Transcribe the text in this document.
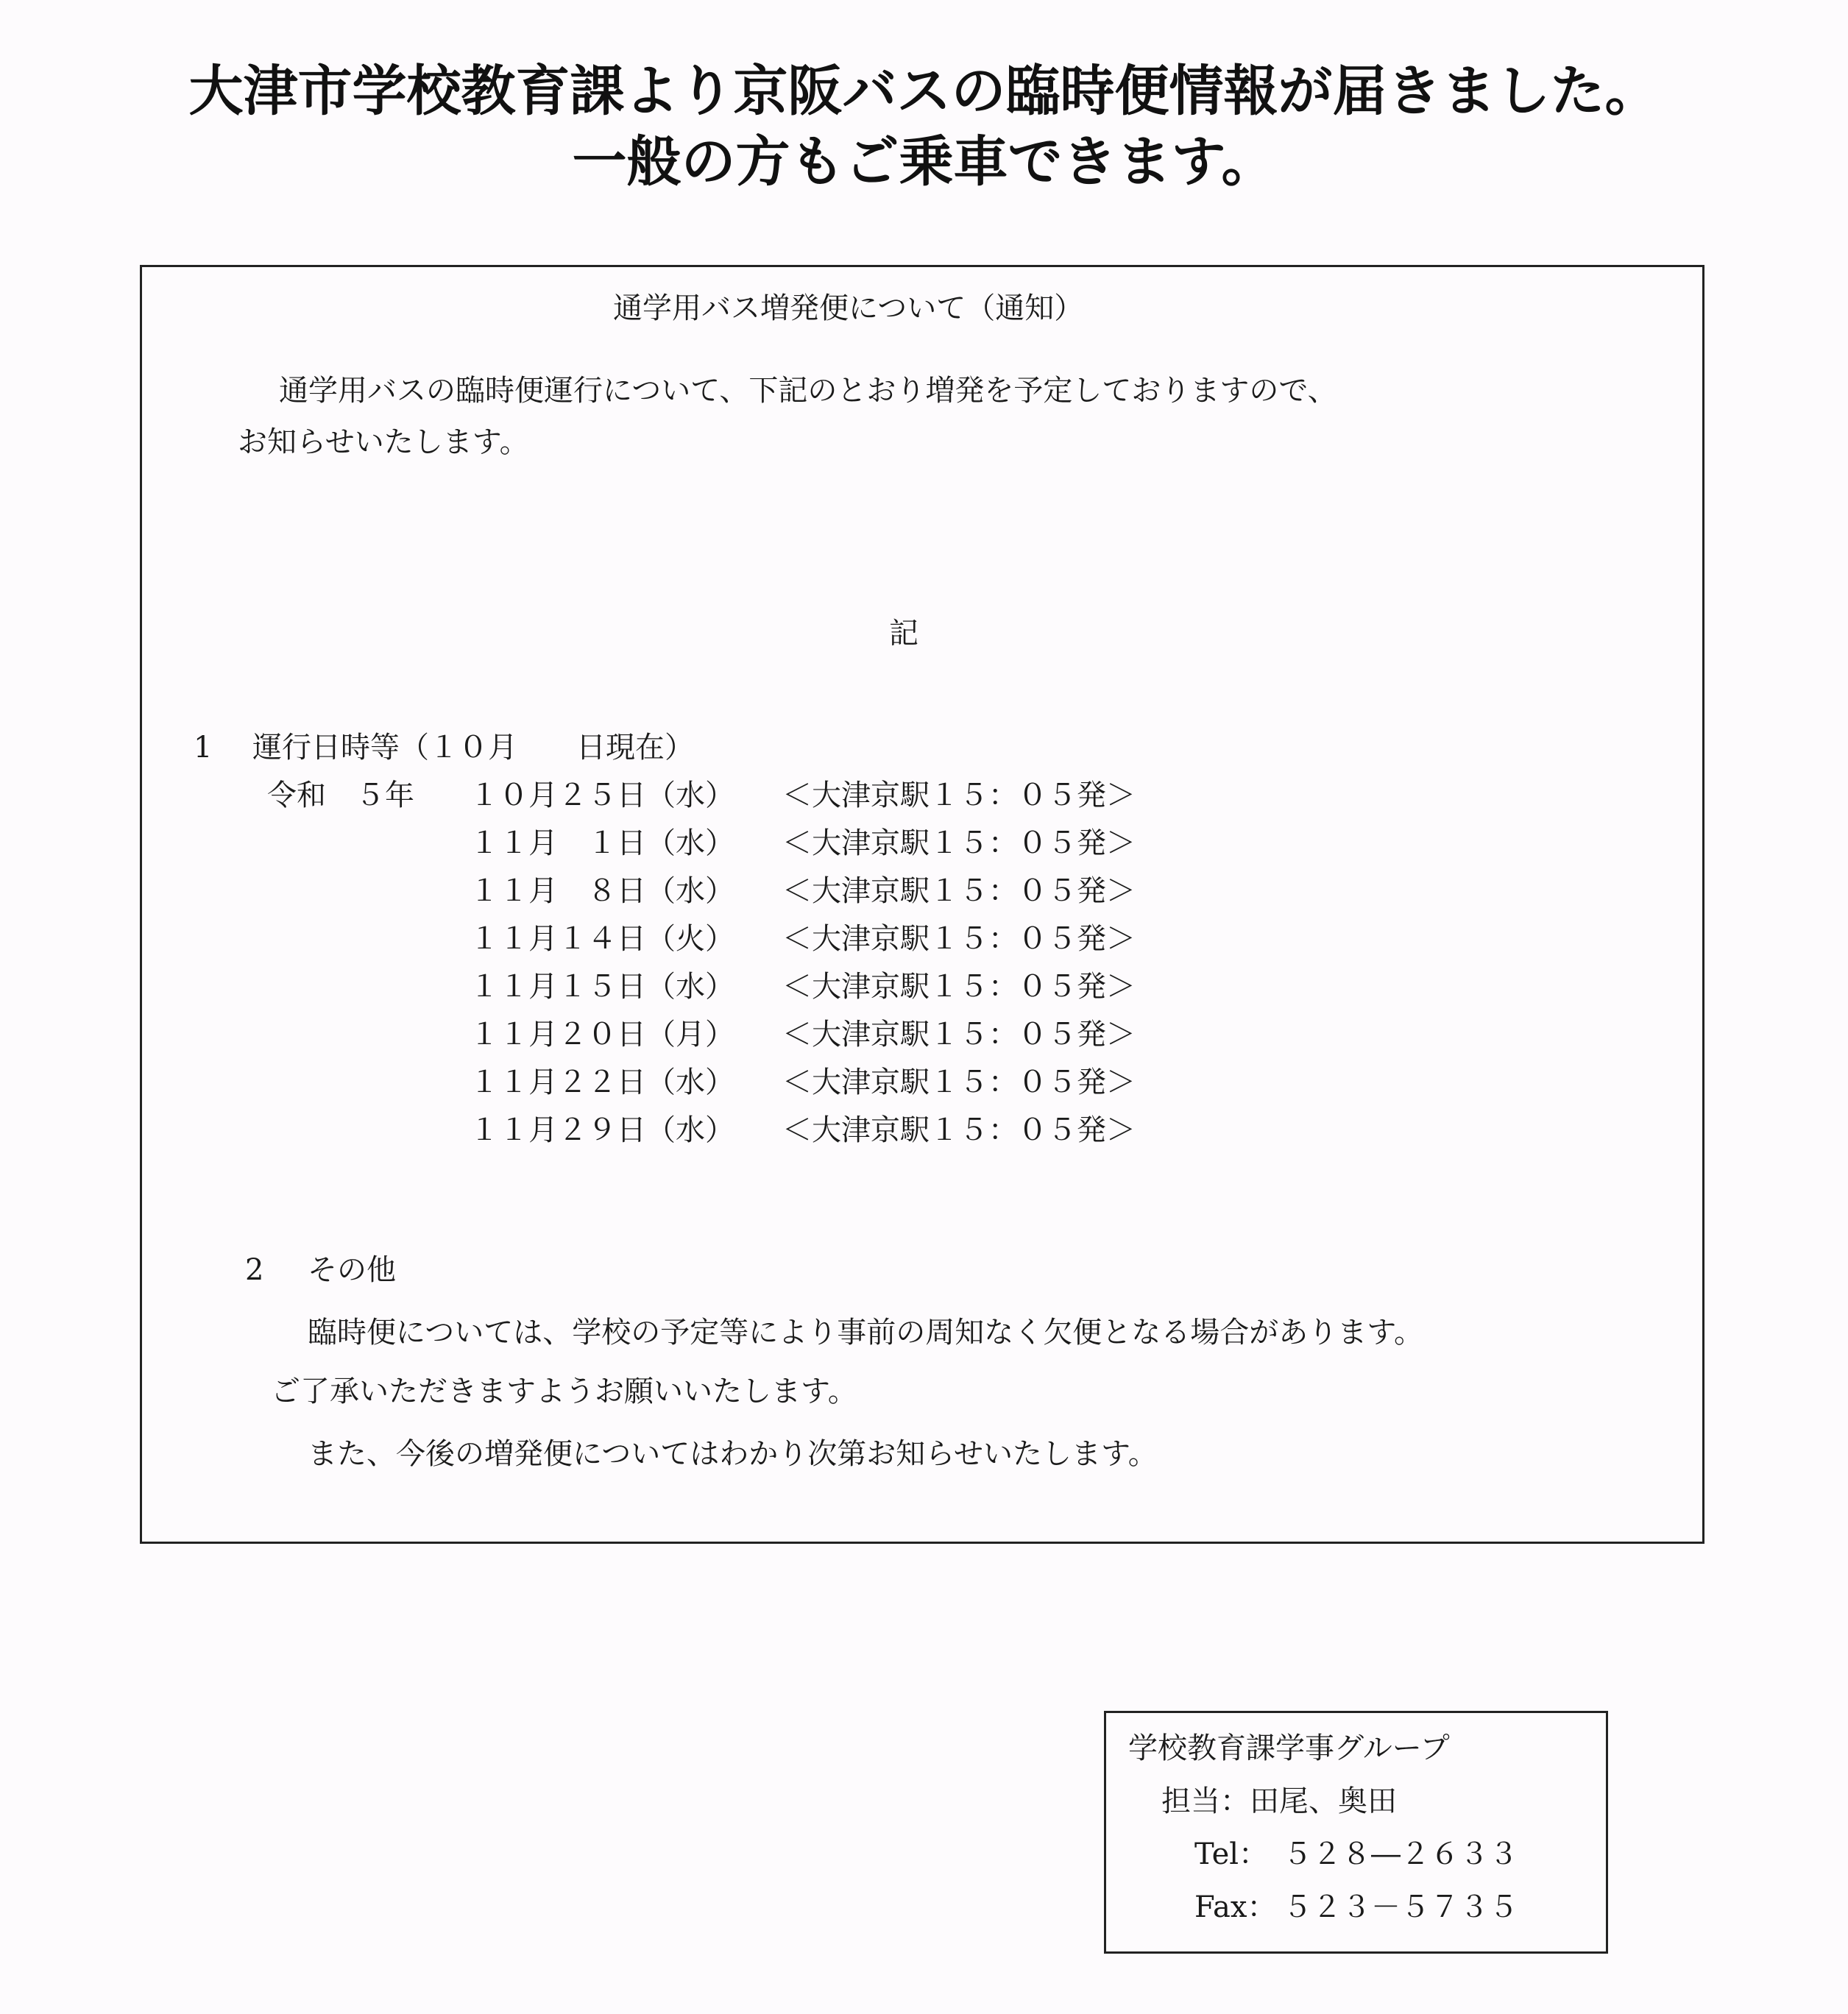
大津市学校教育課より京阪バスの臨時便情報が届きました。
一般の方もご乗車できます。
通学用バス増発便について（通知）
通学用バスの臨時便運行について、下記のとおり増発を予定しておりますので、
お知らせいたします。
記
1 運行日時等（１０月　　日現在）
令和　５年 １０月２５日（水） ＜大津京駅１５：０５発＞
１１月　１日（水） ＜大津京駅１５：０５発＞
１１月　８日（水） ＜大津京駅１５：０５発＞
１１月１４日（火） ＜大津京駅１５：０５発＞
１１月１５日（水） ＜大津京駅１５：０５発＞
１１月２０日（月） ＜大津京駅１５：０５発＞
１１月２２日（水） ＜大津京駅１５：０５発＞
１１月２９日（水） ＜大津京駅１５：０５発＞
2 その他
臨時便については、学校の予定等により事前の周知なく欠便となる場合があります。
ご了承いただきますようお願いいたします。
また、今後の増発便についてはわかり次第お知らせいたします。
学校教育課学事グループ
担当：田尾、奥田
Tel： ５２８―２６３３
Fax： ５２３－５７３５
